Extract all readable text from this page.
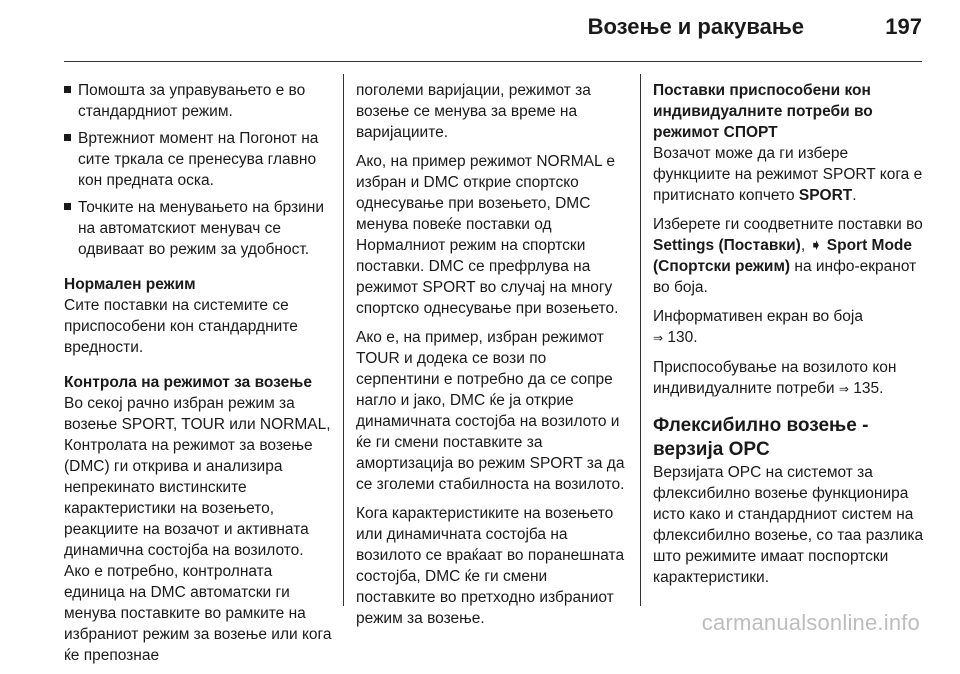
Возење и ракување	197
Помошта за управувањето е во стандардниот режим.
Вртежниот момент на Погонот на сите тркала се пренесува главно кон предната оска.
Точките на менувањето на брзини на автоматскиот менувач се одвиваат во режим за удобност.
Нормален режим

Сите поставки на системите се приспособени кон стандардните вредности.

Контрола на режимот за возење

Во секој рачно избран режим за возење SPORT, TOUR или NORMAL, Контролата на режимот за возење (DMC) ги открива и анализира непрекинато вистинските карактеристики на возењето, реакциите на возачот и активната динамична состојба на возилото. Ако е потребно, контролната единица на DMC автоматски ги менува поставките во рамките на избраниот режим за возење или кога ќе препознае

поголеми варијации, режимот за возење се менува за време на варијациите.

Ако, на пример режимот NORMAL е избран и DMC открие спортско однесување при возењето, DMC менува повеќе поставки од Нормалниот режим на спортски поставки. DMC се префрлува на режимот SPORT во случај на многу спортско однесување при возењето.

Ако е, на пример, избран режимот TOUR и додека се вози по серпентини е потребно да се сопре нагло и јако, DMC ќе ја открие динамичната состојба на возилото и ќе ги смени поставките за амортизација во режим SPORT за да се зголеми стабилноста на возилото.

Кога карактеристиките на возењето или динамичната состојба на возилото се враќаат во поранешната состојба, DMC ќе ги смени поставките во претходно избраниот режим за возење.

Поставки приспособени кон индивидуалните потреби во режимот СПОРТ

Возачот може да ги избере функциите на режимот SPORT кога е притиснато копчето SPORT.

Изберете ги соодветните поставки во Settings (Поставки), ➧ Sport Mode (Спортски режим) на инфо-екранот во боја.

Информативен екран во боја
⇒ 130.

Приспособување на возилото кон индивидуалните потреби ⇒ 135.

Флексибилно возење - верзија OPC

Верзијата OPC на системот за флексибилно возење функционира исто како и стандардниот систем на флексибилно возење, со таа разлика што режимите имаат поспортски карактеристики.

carmanualsonline.info
